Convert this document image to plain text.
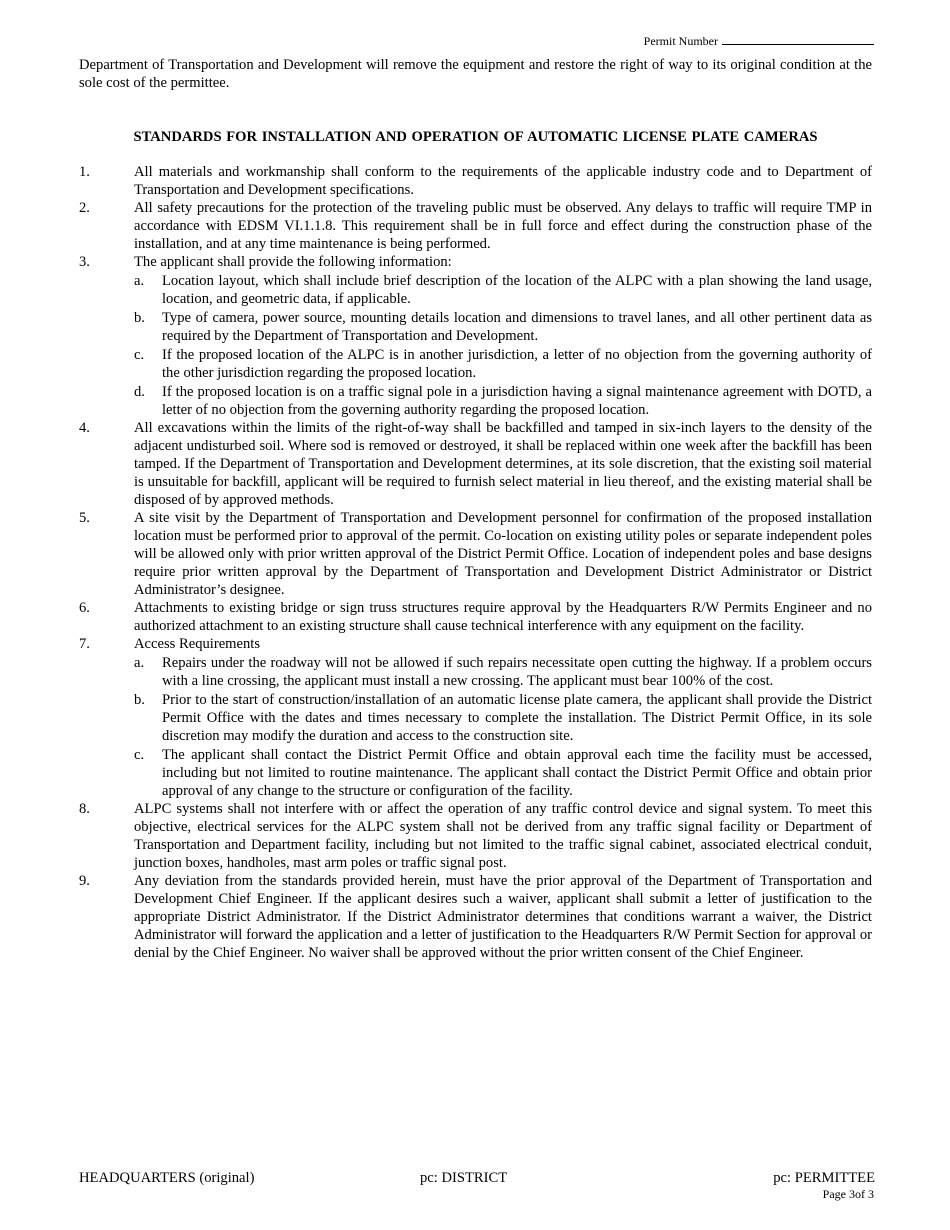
Permit Number

Department of Transportation and Development will remove the equipment and restore the right of way to its original condition at the sole cost of the permittee.

STANDARDS FOR INSTALLATION AND OPERATION OF AUTOMATIC LICENSE PLATE CAMERAS
1.	All materials and workmanship shall conform to the requirements of the applicable industry code and to Department of Transportation and Development specifications.
2.	All safety precautions for the protection of the traveling public must be observed. Any delays to traffic will require TMP in accordance with EDSM VI.1.1.8. This requirement shall be in full force and effect during the construction phase of the installation, and at any time maintenance is being performed.
3.	The applicant shall provide the following information:
a. Location layout, which shall include brief description of the location of the ALPC with a plan showing the land usage, location, and geometric data, if applicable.
b. Type of camera, power source, mounting details location and dimensions to travel lanes, and all other pertinent data as required by the Department of Transportation and Development.
c. If the proposed location of the ALPC is in another jurisdiction, a letter of no objection from the governing authority of the other jurisdiction regarding the proposed location.
d. If the proposed location is on a traffic signal pole in a jurisdiction having a signal maintenance agreement with DOTD, a letter of no objection from the governing authority regarding the proposed location.
4.	All excavations within the limits of the right-of-way shall be backfilled and tamped in six-inch layers to the density of the adjacent undisturbed soil. Where sod is removed or destroyed, it shall be replaced within one week after the backfill has been tamped. If the Department of Transportation and Development determines, at its sole discretion, that the existing soil material is unsuitable for backfill, applicant will be required to furnish select material in lieu thereof, and the existing material shall be disposed of by approved methods.
5.	A site visit by the Department of Transportation and Development personnel for confirmation of the proposed installation location must be performed prior to approval of the permit. Co-location on existing utility poles or separate independent poles will be allowed only with prior written approval of the District Permit Office. Location of independent poles and base designs require prior written approval by the Department of Transportation and Development District Administrator or District Administrator’s designee.
6.	Attachments to existing bridge or sign truss structures require approval by the Headquarters R/W Permits Engineer and no authorized attachment to an existing structure shall cause technical interference with any equipment on the facility.
7.	Access Requirements
a. Repairs under the roadway will not be allowed if such repairs necessitate open cutting the highway. If a problem occurs with a line crossing, the applicant must install a new crossing. The applicant must bear 100% of the cost.
b. Prior to the start of construction/installation of an automatic license plate camera, the applicant shall provide the District Permit Office with the dates and times necessary to complete the installation. The District Permit Office, in its sole discretion may modify the duration and access to the construction site.
c. The applicant shall contact the District Permit Office and obtain approval each time the facility must be accessed, including but not limited to routine maintenance. The applicant shall contact the District Permit Office and obtain prior approval of any change to the structure or configuration of the facility.
8.	ALPC systems shall not interfere with or affect the operation of any traffic control device and signal system. To meet this objective, electrical services for the ALPC system shall not be derived from any traffic signal facility or Department of Transportation and Department facility, including but not limited to the traffic signal cabinet, associated electrical conduit, junction boxes, handholes, mast arm poles or traffic signal post.
9.	Any deviation from the standards provided herein, must have the prior approval of the Department of Transportation and Development Chief Engineer. If the applicant desires such a waiver, applicant shall submit a letter of justification to the appropriate District Administrator. If the District Administrator determines that conditions warrant a waiver, the District Administrator will forward the application and a letter of justification to the Headquarters R/W Permit Section for approval or denial by the Chief Engineer. No waiver shall be approved without the prior written consent of the Chief Engineer.
HEADQUARTERS (original)	pc: DISTRICT	pc: PERMITTEE
Page 3of 3
